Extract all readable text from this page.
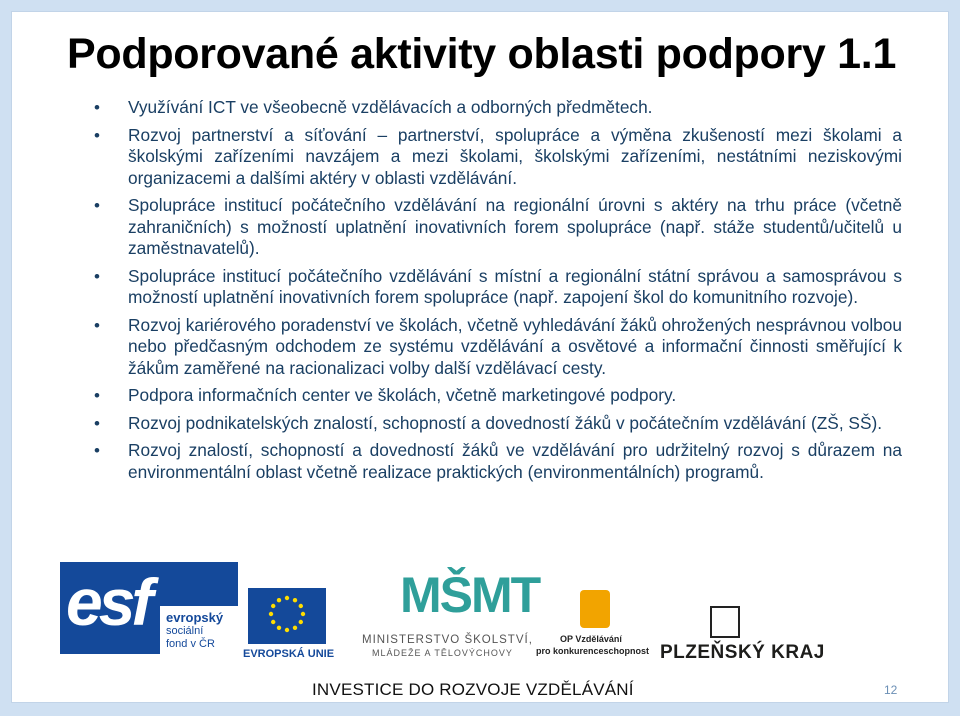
Podporované aktivity oblasti podpory 1.1
• Využívání ICT ve všeobecně vzdělávacích a odborných předmětech.
• Rozvoj partnerství a síťování – partnerství, spolupráce a výměna zkušeností mezi školami a školskými zařízeními navzájem a mezi školami, školskými zařízeními, nestátními neziskovými organizacemi a dalšími aktéry v oblasti vzdělávání.
• Spolupráce institucí počátečního vzdělávání na regionální úrovni s aktéry na trhu práce (včetně zahraničních) s možností uplatnění inovativních forem spolupráce (např. stáže studentů/učitelů u zaměstnavatelů).
• Spolupráce institucí počátečního vzdělávání s místní a regionální státní správou a samosprávou s možností uplatnění inovativních forem spolupráce (např. zapojení škol do komunitního rozvoje).
• Rozvoj kariérového poradenství ve školách, včetně vyhledávání žáků ohrožených nesprávnou volbou nebo předčasným odchodem ze systému vzdělávání a osvětové a informační činnosti směřující k žákům zaměřené na racionalizaci volby další vzdělávací cesty.
• Podpora informačních center ve školách, včetně marketingové podpory.
• Rozvoj podnikatelských znalostí, schopností a dovedností žáků v počátečním vzdělávání (ZŠ, SŠ).
• Rozvoj znalostí, schopností a dovedností žáků ve vzdělávání pro udržitelný rozvoj s důrazem na environmentální oblast včetně realizace praktických (environmentálních) programů.
esf evropský
sociální
fond v ČR
EVROPSKÁ UNIE
MŠMT
MINISTERSTVO ŠKOLSTVÍ,
MLÁDEŽE A TĚLOVÝCHOVY
OP Vzdělávání
pro konkurenceschopnost PLZEŇSKÝ KRAJ
INVESTICE DO ROZVOJE VZDĚLÁVÁNÍ	12
